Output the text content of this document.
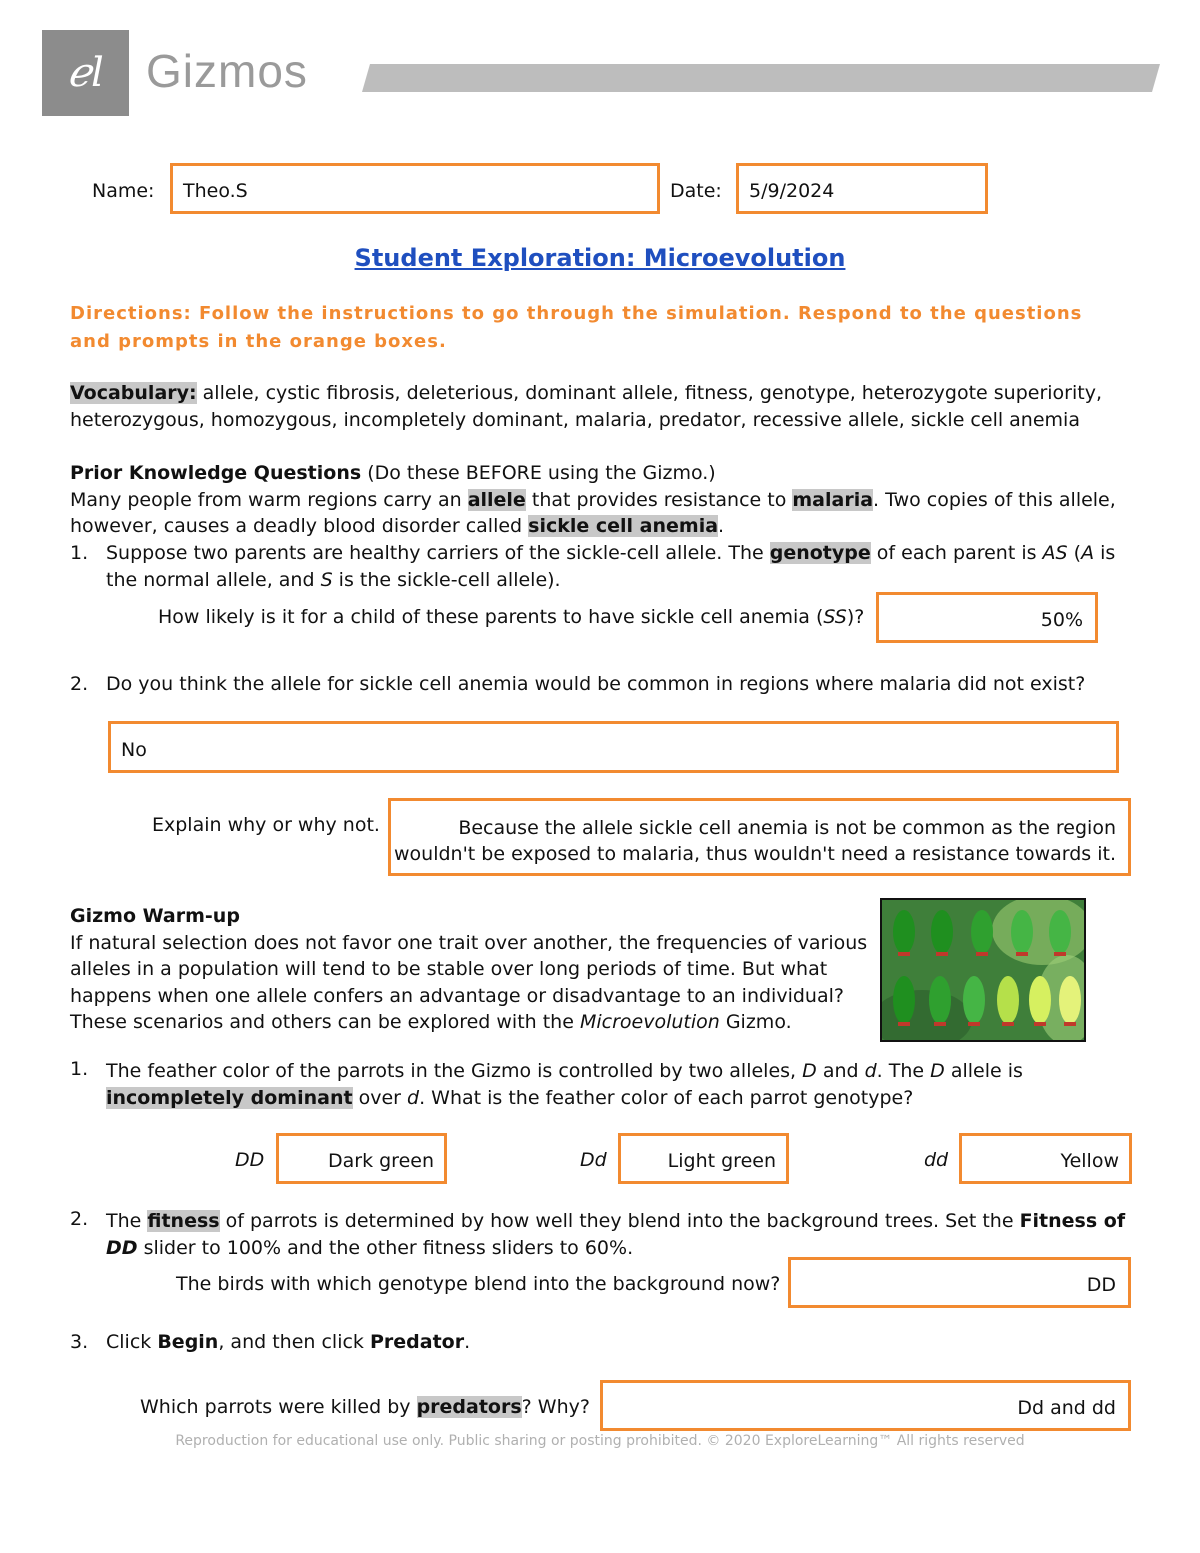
ℯl Gizmos
Name: Theo.S	Date: 5/9/2024
Student Exploration: Microevolution
Directions: Follow the instructions to go through the simulation. Respond to the questions and prompts in the orange boxes.
Vocabulary: allele, cystic fibrosis, deleterious, dominant allele, fitness, genotype, heterozygote superiority,
heterozygous, homozygous, incompletely dominant, malaria, predator, recessive allele, sickle cell anemia
Prior Knowledge Questions (Do these BEFORE using the Gizmo.)
Many people from warm regions carry an allele that provides resistance to malaria. Two copies of this allele,
however, causes a deadly blood disorder called sickle cell anemia.
1. Suppose two parents are healthy carriers of the sickle-cell allele. The genotype of each parent is AS (A is
the normal allele, and S is the sickle-cell allele).
How likely is it for a child of these parents to have sickle cell anemia (SS)?	50%
2. Do you think the allele for sickle cell anemia would be common in regions where malaria did not exist?
No
Explain why or why not.	Because the allele sickle cell anemia is not be common as the region
wouldn't be exposed to malaria, thus wouldn't need a resistance towards it.
Gizmo Warm-up
If natural selection does not favor one trait over another, the frequencies of various
alleles in a population will tend to be stable over long periods of time. But what
happens when one allele confers an advantage or disadvantage to an individual?
These scenarios and others can be explored with the Microevolution Gizmo.
1. The feather color of the parrots in the Gizmo is controlled by two alleles, D and d. The D allele is
incompletely dominant over d. What is the feather color of each parrot genotype?
DD	Dark green	Dd	Light green	dd	Yellow
2. The fitness of parrots is determined by how well they blend into the background trees. Set the Fitness of
DD slider to 100% and the other fitness sliders to 60%.
The birds with which genotype blend into the background now?	DD
3. Click Begin, and then click Predator.
Which parrots were killed by predators? Why?	Dd and dd
Reproduction for educational use only. Public sharing or posting prohibited. © 2020 ExploreLearning™ All rights reserved
